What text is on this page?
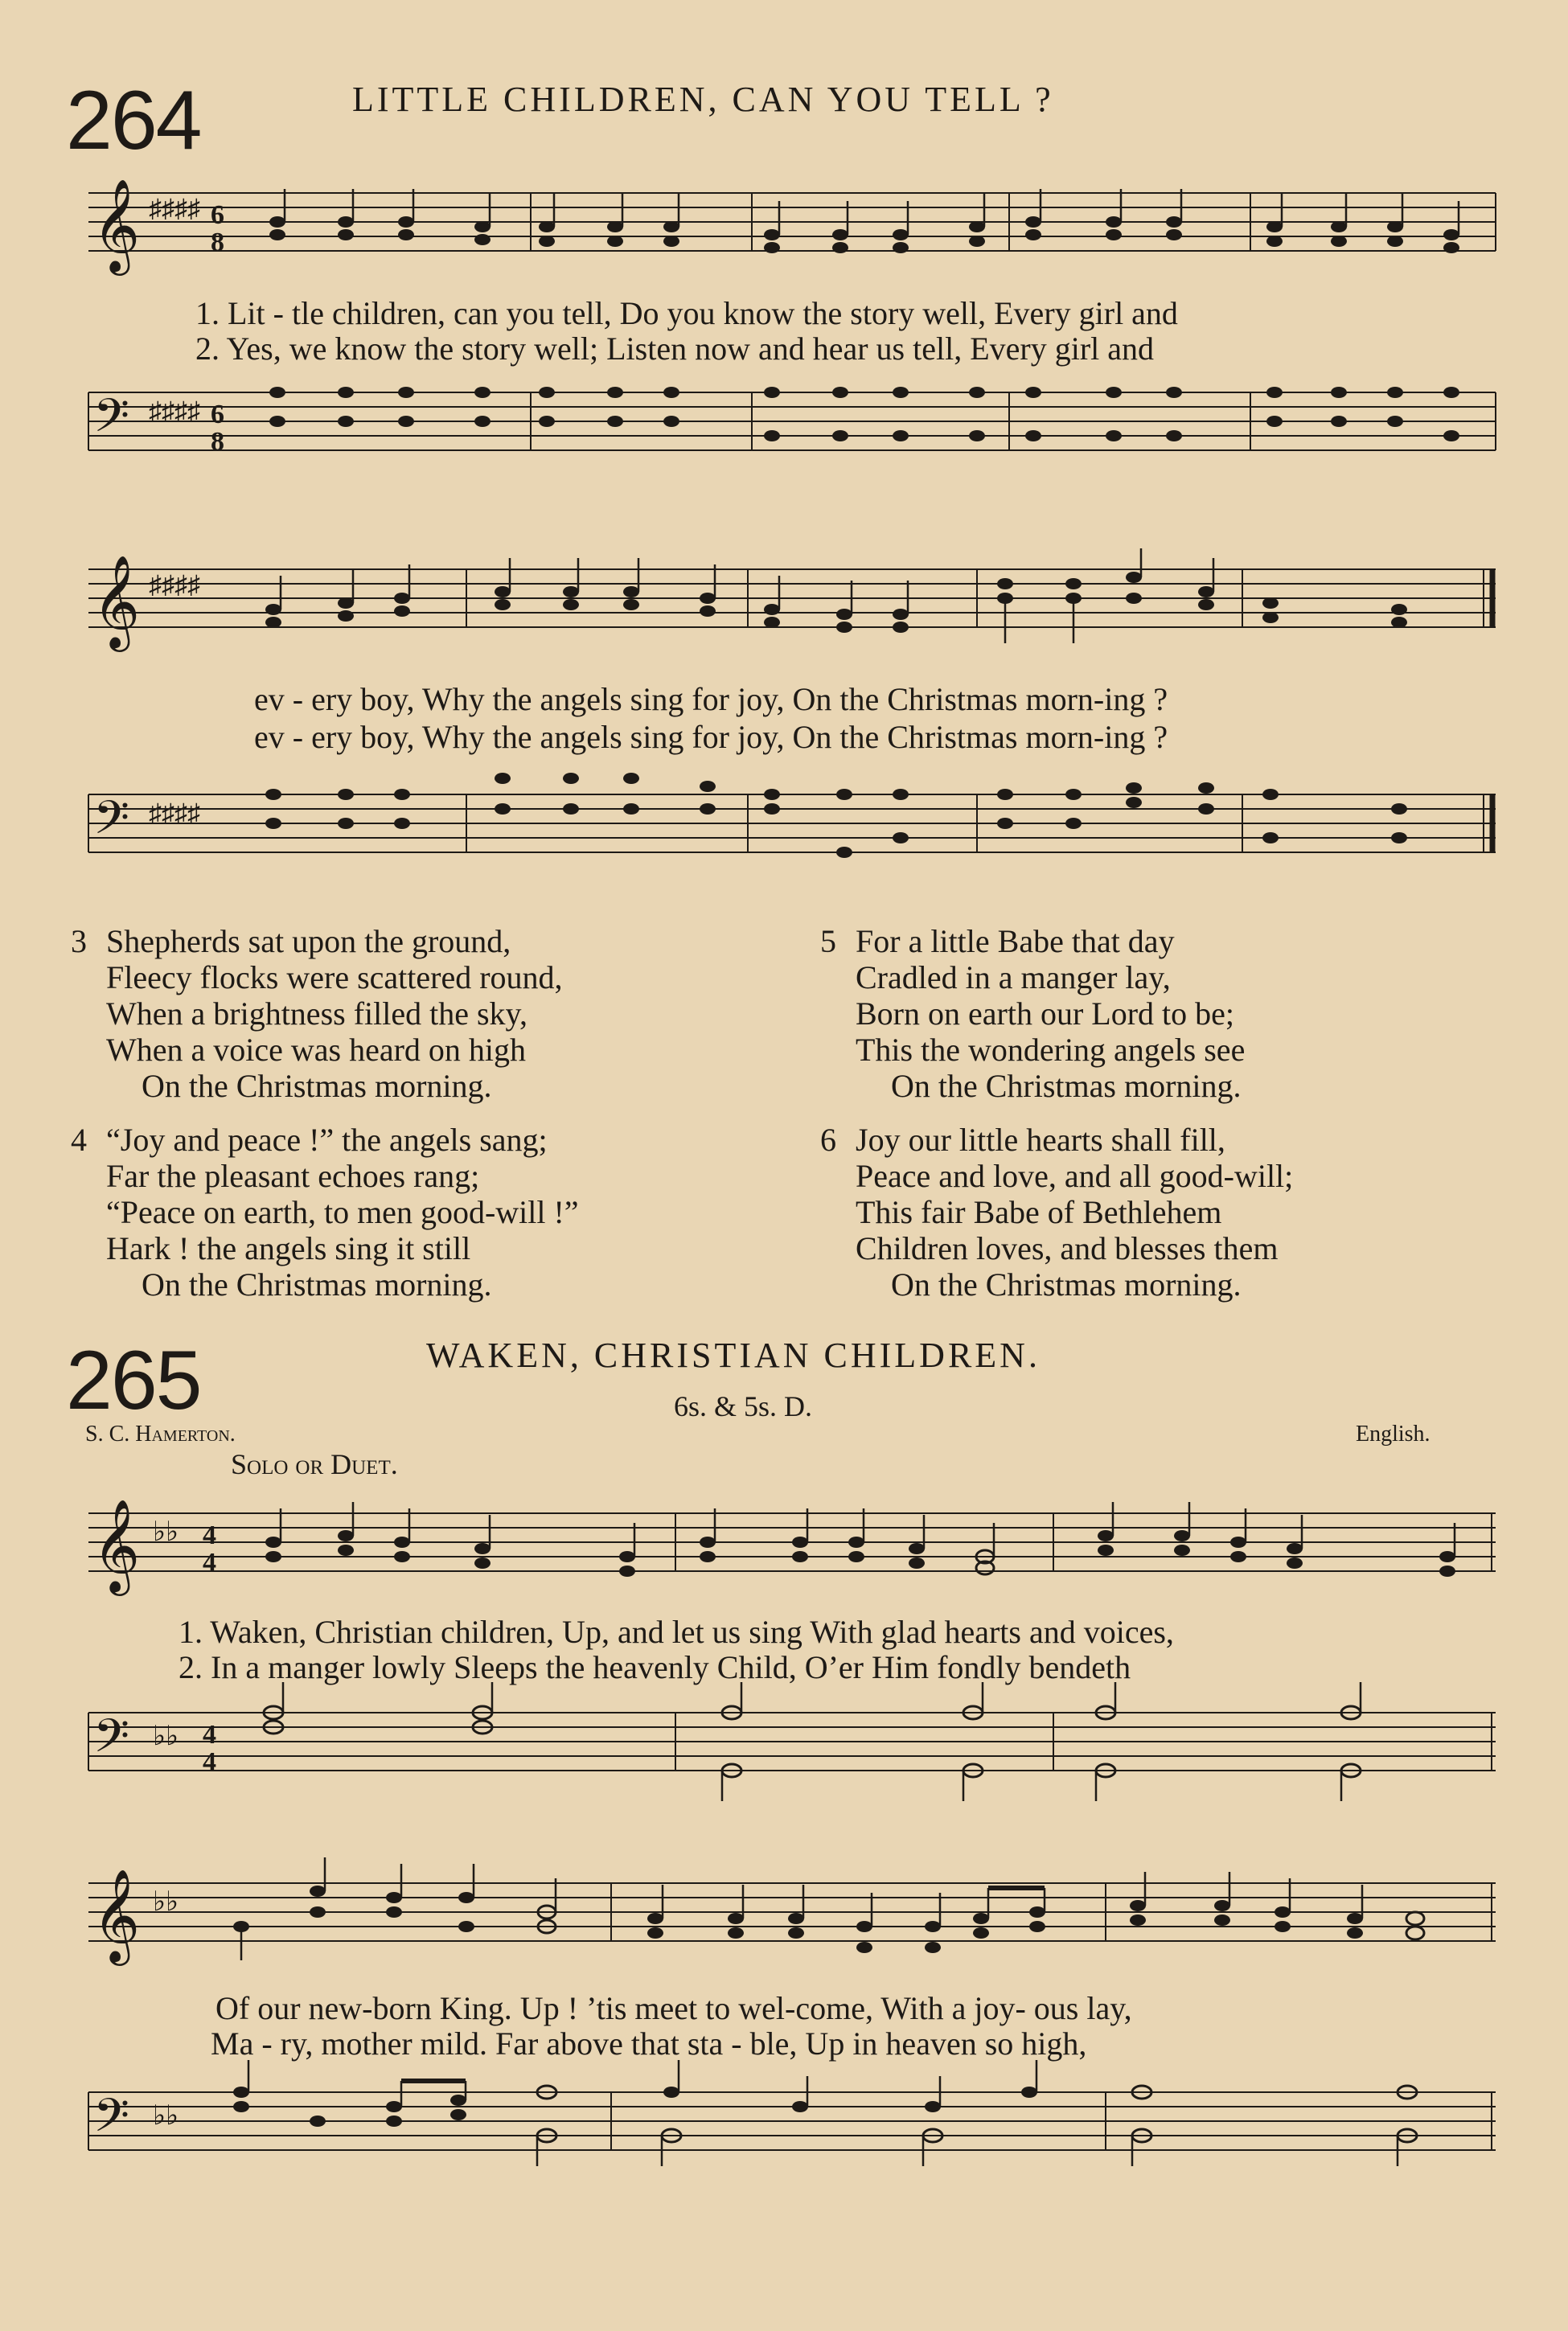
264	LITTLE CHILDREN, CAN YOU TELL ?
𝄞 ♯♯♯♯ 6
8
1. Lit - tle children, can you tell, Do you know the story well, Every girl and
2. Yes, we know the story well; Listen now and hear us tell, Every girl and
𝄢 ♯♯♯♯ 6
8
𝄞 ♯♯♯♯
ev - ery boy, Why the angels sing for joy, On the Christmas morn-ing ?
ev - ery boy, Why the angels sing for joy, On the Christmas morn-ing ?
𝄢 ♯♯♯♯
3 Shepherds sat upon the ground,
Fleecy flocks were scattered round,
When a brightness filled the sky,
When a voice was heard on high
On the Christmas morning.
5 For a little Babe that day
Cradled in a manger lay,
Born on earth our Lord to be;
This the wondering angels see
On the Christmas morning.
4 “Joy and peace !” the angels sang;
Far the pleasant echoes rang;
“Peace on earth, to men good-will !”
Hark ! the angels sing it still
On the Christmas morning.
6 Joy our little hearts shall fill,
Peace and love, and all good-will;
This fair Babe of Bethlehem
Children loves, and blesses them
On the Christmas morning.
265	WAKEN, CHRISTIAN CHILDREN.
6s. & 5s. D.
S. C. Hamerton.	English.
Solo or Duet.
𝄞 ♭♭ 4
4
1. Waken, Christian children, Up, and let us sing With glad hearts and voices,
2. In a manger lowly Sleeps the heavenly Child, O’er Him fondly bendeth
𝄢 ♭♭ 4
4
𝄞 ♭♭
Of our new-born King. Up ! ’tis meet to wel-come, With a joy- ous lay,
Ma - ry, mother mild. Far above that sta - ble, Up in heaven so high,
𝄢 ♭♭
